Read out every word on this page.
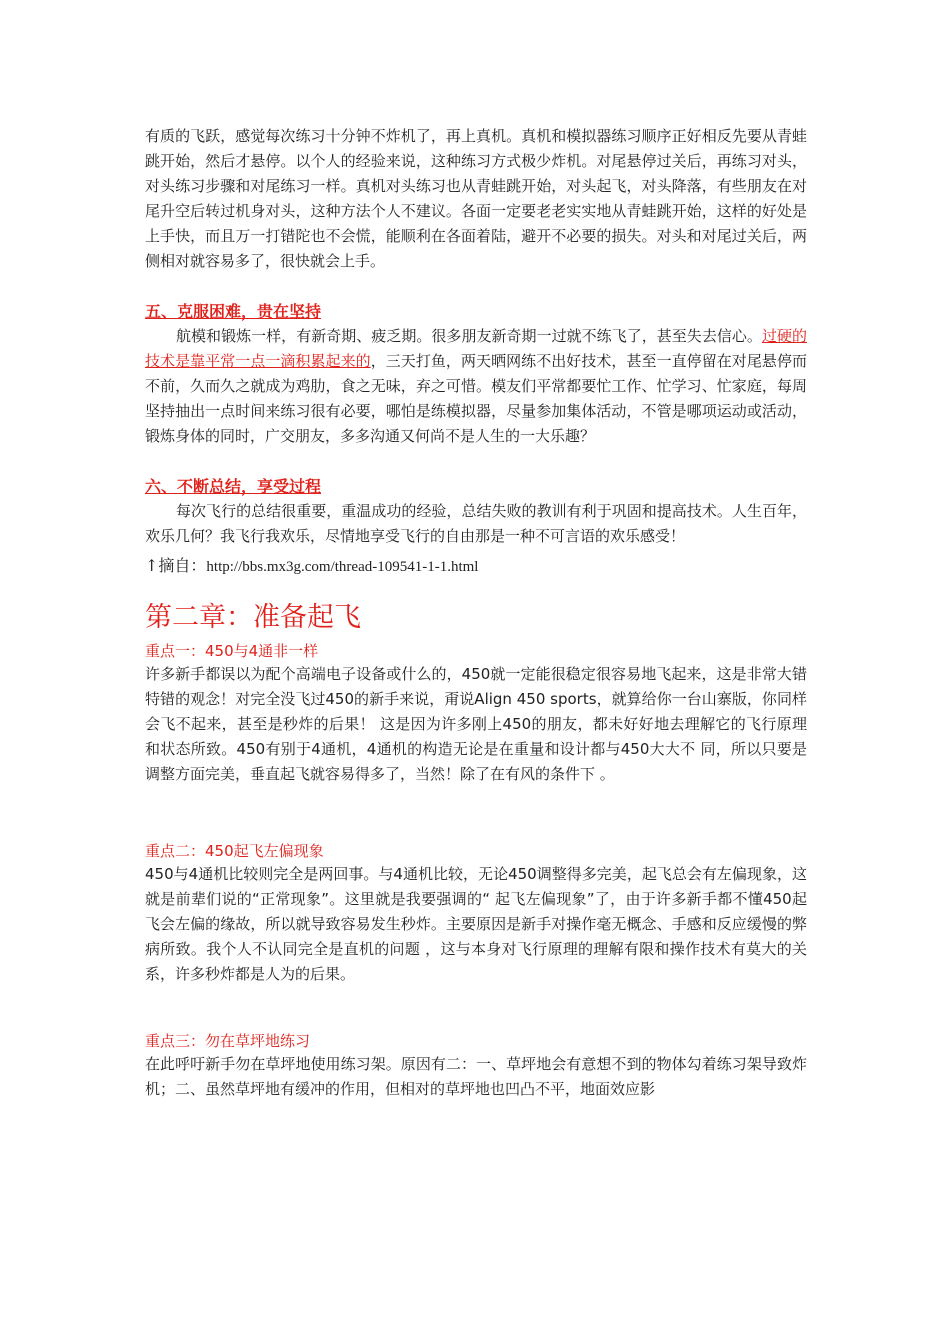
有质的飞跃，感觉每次练习十分钟不炸机了，再上真机。真机和模拟器练习顺序正好相反先要从青蛙跳开始，然后才悬停。以个人的经验来说，这种练习方式极少炸机。对尾悬停过关后，再练习对头，对头练习步骤和对尾练习一样。真机对头练习也从青蛙跳开始，对头起飞，对头降落，有些朋友在对尾升空后转过机身对头，这种方法个人不建议。各面一定要老老实实地从青蛙跳开始，这样的好处是上手快，而且万一打错陀也不会慌，能顺利在各面着陆，避开不必要的损失。对头和对尾过关后，两侧相对就容易多了，很快就会上手。

五、克服困难，贵在坚持

航模和锻炼一样，有新奇期、疲乏期。很多朋友新奇期一过就不练飞了，甚至失去信心。过硬的技术是靠平常一点一滴积累起来的，三天打鱼，两天晒网练不出好技术，甚至一直停留在对尾悬停而不前，久而久之就成为鸡肋，食之无味，弃之可惜。模友们平常都要忙工作、忙学习、忙家庭，每周坚持抽出一点时间来练习很有必要，哪怕是练模拟器，尽量参加集体活动，不管是哪项运动或活动，锻炼身体的同时，广交朋友，多多沟通又何尚不是人生的一大乐趣？

六、不断总结，享受过程

每次飞行的总结很重要，重温成功的经验，总结失败的教训有利于巩固和提高技术。人生百年，欢乐几何？我飞行我欢乐，尽情地享受飞行的自由那是一种不可言语的欢乐感受！

↑摘自：http://bbs.mx3g.com/thread-109541-1-1.html
第二章：准备起飞
重点一：450与4通非一样

许多新手都误以为配个高端电子设备或什么的，450就一定能很稳定很容易地飞起来，这是非常大错特错的观念！对完全没飞过450的新手来说，甭说Align 450 sports，就算给你一台山寨版，你同样会飞不起来，甚至是秒炸的后果！ 这是因为许多刚上450的朋友，都未好好地去理解它的飞行原理和状态所致。450有别于4通机，4通机的构造无论是在重量和设计都与450大大不 同，所以只要是调整方面完美，垂直起飞就容易得多了，当然！除了在有风的条件下 。

重点二：450起飞左偏现象

450与4通机比较则完全是两回事。与4通机比较，无论450调整得多完美，起飞总会有左偏现象，这就是前辈们说的“正常现象”。这里就是我要强调的“ 起飞左偏现象”了，由于许多新手都不懂450起飞会左偏的缘故，所以就导致容易发生秒炸。主要原因是新手对操作毫无概念、手感和反应缓慢的弊病所致。我个人不认同完全是直机的问题 ，这与本身对飞行原理的理解有限和操作技术有莫大的关系，许多秒炸都是人为的后果。

重点三：勿在草坪地练习

在此呼吁新手勿在草坪地使用练习架。原因有二：一、草坪地会有意想不到的物体勾着练习架导致炸机；二、虽然草坪地有缓冲的作用，但相对的草坪地也凹凸不平，地面效应影
